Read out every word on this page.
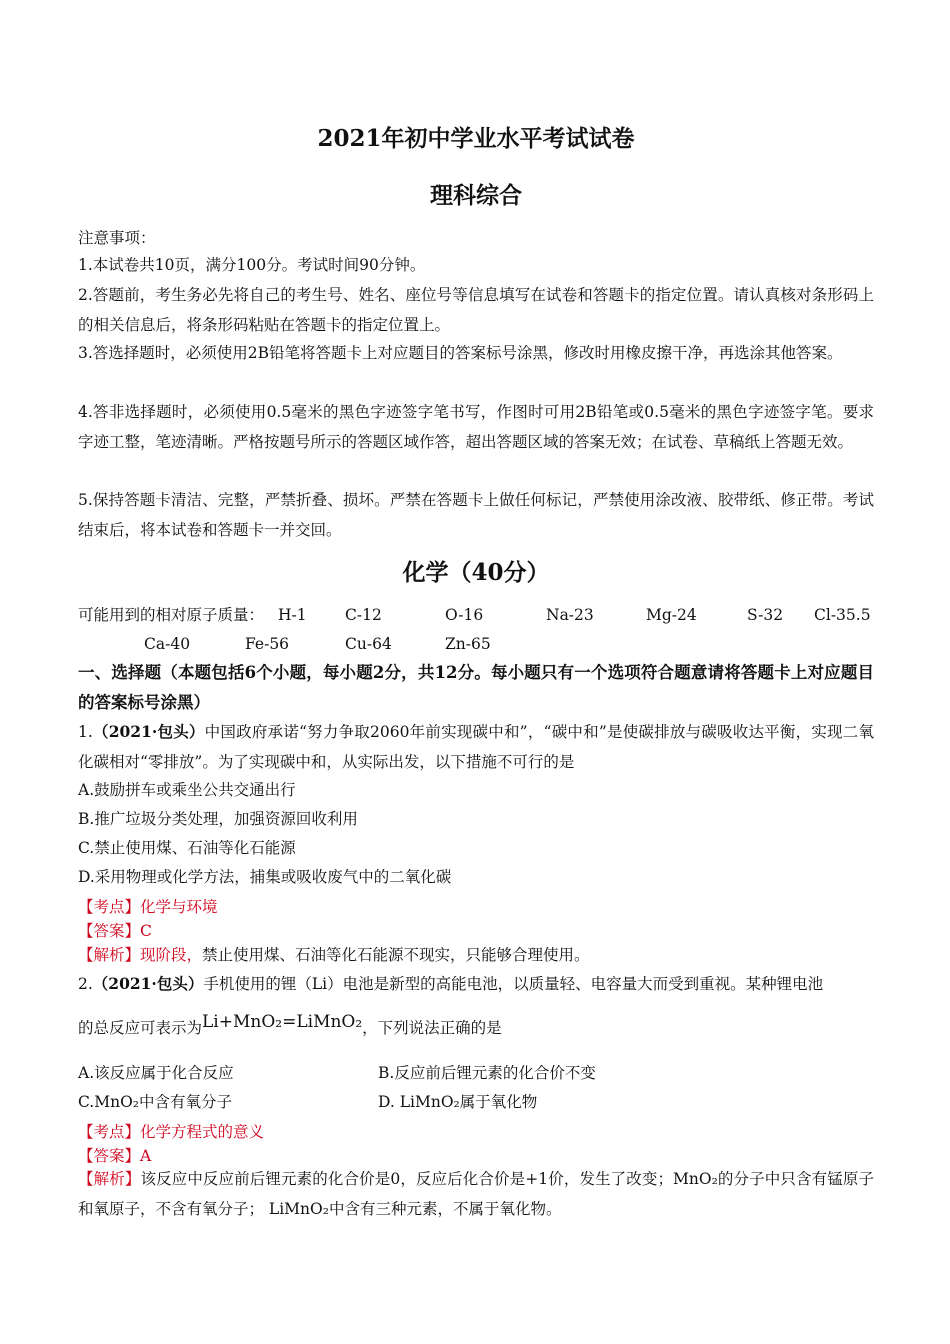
2021年初中学业水平考试试卷
理科综合
注意事项：
1.本试卷共10页，满分100分。考试时间90分钟。
2.答题前，考生务必先将自己的考生号、姓名、座位号等信息填写在试卷和答题卡的指定位置。请认真核对条形码上的相关信息后，将条形码粘贴在答题卡的指定位置上。
3.答选择题时，必须使用2B铅笔将答题卡上对应题目的答案标号涂黑，修改时用橡皮擦干净，再选涂其他答案。
4.答非选择题时，必须使用0.5毫米的黑色字迹签字笔书写，作图时可用2B铅笔或0.5毫米的黑色字迹签字笔。要求字迹工整，笔迹清晰。严格按题号所示的答题区域作答，超出答题区域的答案无效；在试卷、草稿纸上答题无效。
5.保持答题卡清洁、完整，严禁折叠、损坏。严禁在答题卡上做任何标记，严禁使用涂改液、胶带纸、修正带。考试结束后，将本试卷和答题卡一并交回。
化学（40分）
可能用到的相对原子质量： H-1 C-12	O-16	Na-23	Mg-24	S-32 Cl-35.5
Ca-40	Fe-56	Cu-64	Zn-65
一、选择题（本题包括6个小题，每小题2分，共12分。每小题只有一个选项符合题意请将答题卡上对应题目的答案标号涂黑）
1.（2021·包头）中国政府承诺“努力争取2060年前实现碳中和”，“碳中和”是使碳排放与碳吸收达平衡，实现二氧化碳相对“零排放”。为了实现碳中和，从实际出发，以下措施不可行的是
A.鼓励拼车或乘坐公共交通出行
B.推广垃圾分类处理，加强资源回收利用
C.禁止使用煤、石油等化石能源
D.采用物理或化学方法，捕集或吸收废气中的二氧化碳
【考点】化学与环境
【答案】C
【解析】现阶段，禁止使用煤、石油等化石能源不现实，只能够合理使用。
2.（2021·包头）手机使用的锂（Li）电池是新型的高能电池，以质量轻、电容量大而受到重视。某种锂电池
的总反应可表示为Li+MnO₂=LiMnO₂，下列说法正确的是
A.该反应属于化合反应	B.反应前后锂元素的化合价不变
C.MnO₂中含有氧分子	D. LiMnO₂属于氧化物
【考点】化学方程式的意义
【答案】A
【解析】该反应中反应前后锂元素的化合价是0，反应后化合价是+1价，发生了改变；MnO₂的分子中只含有锰原子和氧原子，不含有氧分子； LiMnO₂中含有三种元素，不属于氧化物。
